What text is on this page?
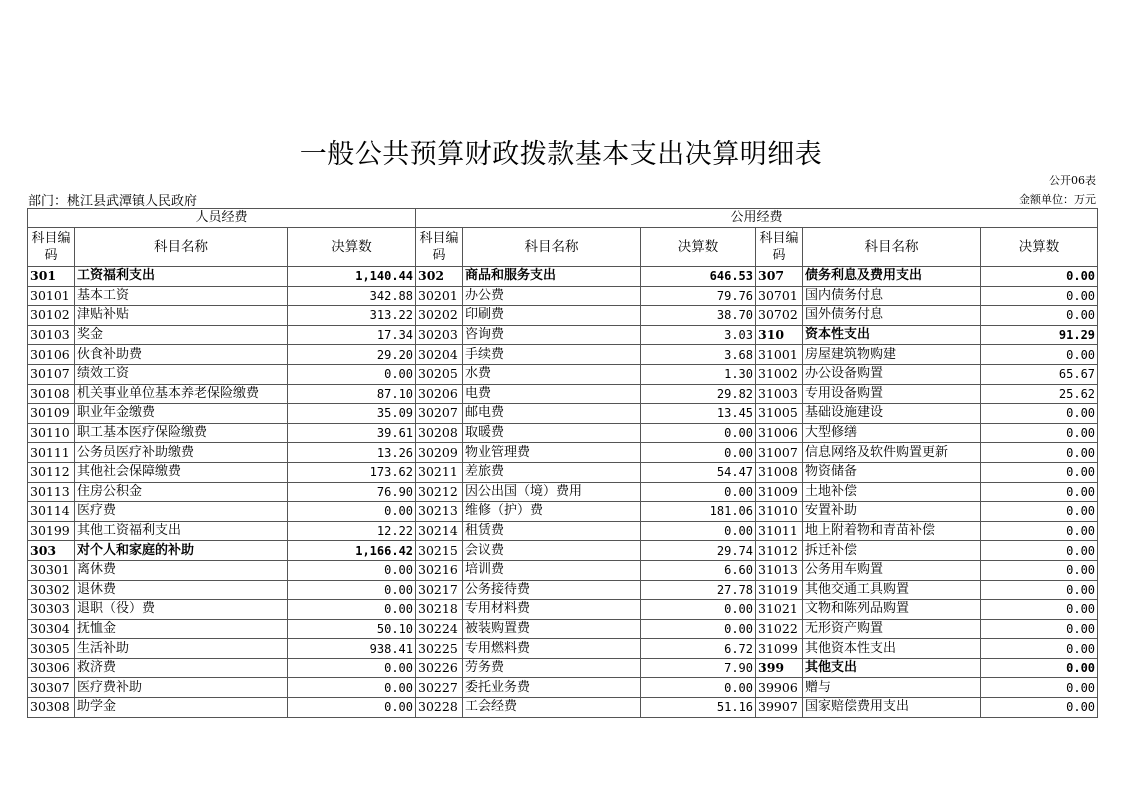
一般公共预算财政拨款基本支出决算明细表
公开06表
部门：桃江县武潭镇人民政府	金额单位：万元
人员经费			公用经费					
科目编码	科目名称	决算数	科目编码	科目名称	决算数	科目编码	科目名称	决算数
301	工资福利支出	1,140.44	302	商品和服务支出	646.53	307	债务利息及费用支出	0.00
30101	基本工资	342.88	30201	办公费	79.76	30701	国内债务付息	0.00
30102	津贴补贴	313.22	30202	印刷费	38.70	30702	国外债务付息	0.00
30103	奖金	17.34	30203	咨询费	3.03	310	资本性支出	91.29
30106	伙食补助费	29.20	30204	手续费	3.68	31001	房屋建筑物购建	0.00
30107	绩效工资	0.00	30205	水费	1.30	31002	办公设备购置	65.67
30108	机关事业单位基本养老保险缴费	87.10	30206	电费	29.82	31003	专用设备购置	25.62
30109	职业年金缴费	35.09	30207	邮电费	13.45	31005	基础设施建设	0.00
30110	职工基本医疗保险缴费	39.61	30208	取暖费	0.00	31006	大型修缮	0.00
30111	公务员医疗补助缴费	13.26	30209	物业管理费	0.00	31007	信息网络及软件购置更新	0.00
30112	其他社会保障缴费	173.62	30211	差旅费	54.47	31008	物资储备	0.00
30113	住房公积金	76.90	30212	因公出国（境）费用	0.00	31009	土地补偿	0.00
30114	医疗费	0.00	30213	维修（护）费	181.06	31010	安置补助	0.00
30199	其他工资福利支出	12.22	30214	租赁费	0.00	31011	地上附着物和青苗补偿	0.00
303	对个人和家庭的补助	1,166.42	30215	会议费	29.74	31012	拆迁补偿	0.00
30301	离休费	0.00	30216	培训费	6.60	31013	公务用车购置	0.00
30302	退休费	0.00	30217	公务接待费	27.78	31019	其他交通工具购置	0.00
30303	退职（役）费	0.00	30218	专用材料费	0.00	31021	文物和陈列品购置	0.00
30304	抚恤金	50.10	30224	被装购置费	0.00	31022	无形资产购置	0.00
30305	生活补助	938.41	30225	专用燃料费	6.72	31099	其他资本性支出	0.00
30306	救济费	0.00	30226	劳务费	7.90	399	其他支出	0.00
30307	医疗费补助	0.00	30227	委托业务费	0.00	39906	赠与	0.00
30308	助学金	0.00	30228	工会经费	51.16	39907	国家赔偿费用支出	0.00
